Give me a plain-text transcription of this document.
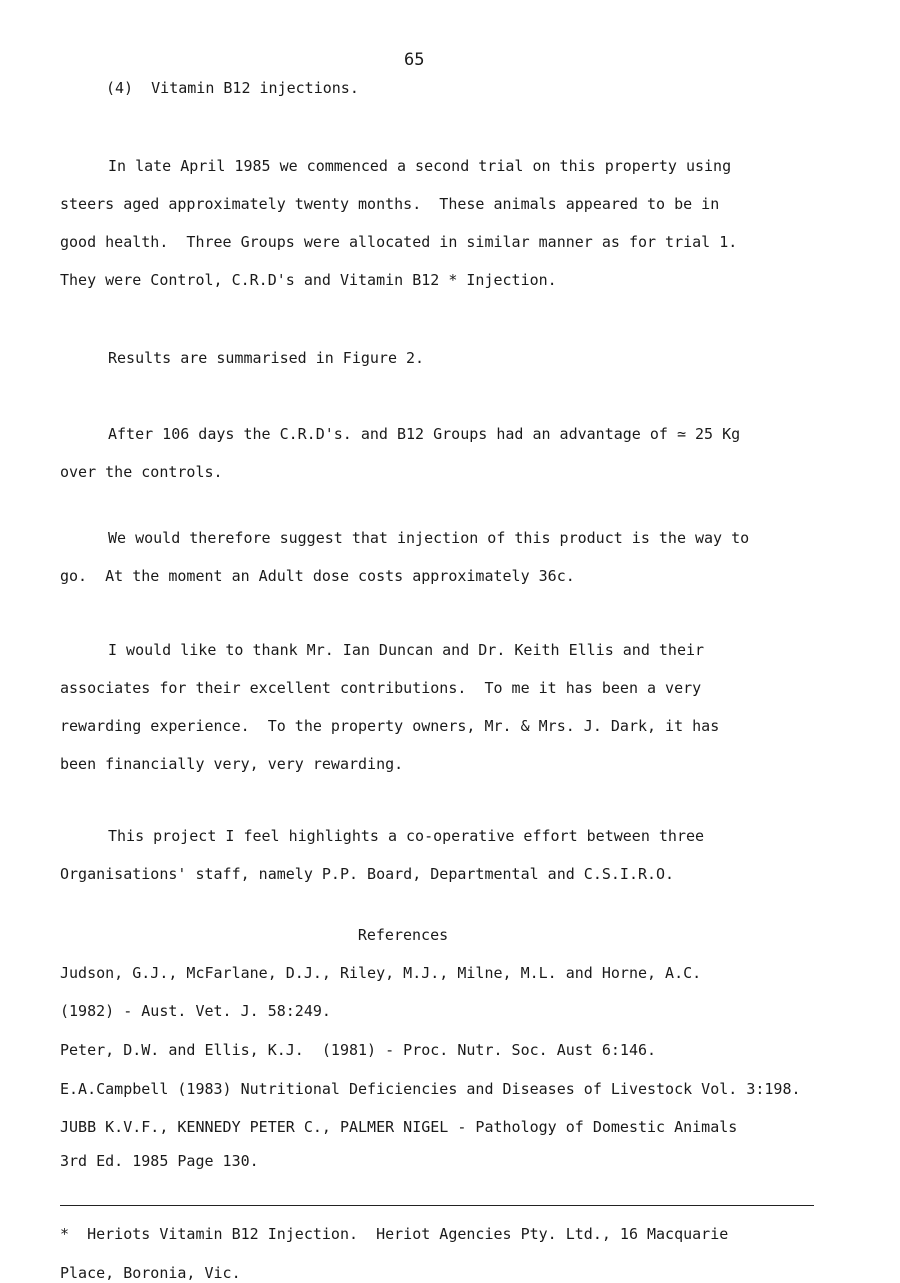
65
(4)  Vitamin B12 injections.
In late April 1985 we commenced a second trial on this property using
steers aged approximately twenty months.  These animals appeared to be in
good health.  Three Groups were allocated in similar manner as for trial 1.
They were Control, C.R.D's and Vitamin B12 * Injection.
Results are summarised in Figure 2.
After 106 days the C.R.D's. and B12 Groups had an advantage of ≃ 25 Kg
over the controls.
We would therefore suggest that injection of this product is the way to
go.  At the moment an Adult dose costs approximately 36c.
I would like to thank Mr. Ian Duncan and Dr. Keith Ellis and their
associates for their excellent contributions.  To me it has been a very
rewarding experience.  To the property owners, Mr. & Mrs. J. Dark, it has
been financially very, very rewarding.
This project I feel highlights a co-operative effort between three
Organisations' staff, namely P.P. Board, Departmental and C.S.I.R.O.
References
Judson, G.J., McFarlane, D.J., Riley, M.J., Milne, M.L. and Horne, A.C.
(1982) - Aust. Vet. J. 58:249.
Peter, D.W. and Ellis, K.J.  (1981) - Proc. Nutr. Soc. Aust 6:146.
E.A.Campbell (1983) Nutritional Deficiencies and Diseases of Livestock Vol. 3:198.
JUBB K.V.F., KENNEDY PETER C., PALMER NIGEL - Pathology of Domestic Animals
3rd Ed. 1985 Page 130.
*  Heriots Vitamin B12 Injection.  Heriot Agencies Pty. Ltd., 16 Macquarie
Place, Boronia, Vic.
